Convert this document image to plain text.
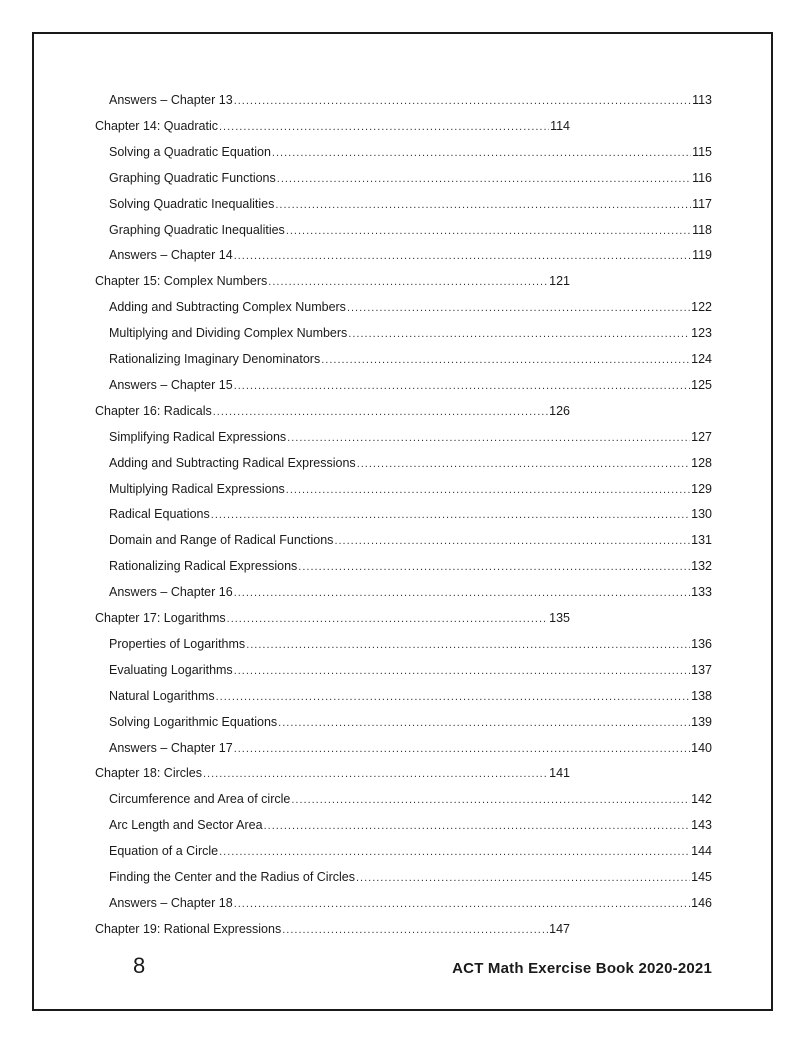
Answers – Chapter 13 .....	113
Chapter 14: Quadratic .....	114
Solving a Quadratic Equation .....	115
Graphing Quadratic Functions .....	116
Solving Quadratic Inequalities .....	117
Graphing Quadratic Inequalities .....	118
Answers – Chapter 14 .....	119
Chapter 15: Complex Numbers .....	121
Adding and Subtracting Complex Numbers .....	122
Multiplying and Dividing Complex Numbers .....	123
Rationalizing Imaginary Denominators .....	124
Answers – Chapter 15 .....	125
Chapter 16: Radicals .....	126
Simplifying Radical Expressions .....	127
Adding and Subtracting Radical Expressions .....	128
Multiplying Radical Expressions .....	129
Radical Equations .....	130
Domain and Range of Radical Functions .....	131
Rationalizing Radical Expressions .....	132
Answers – Chapter 16 .....	133
Chapter 17: Logarithms .....	135
Properties of Logarithms .....	136
Evaluating Logarithms .....	137
Natural Logarithms .....	138
Solving Logarithmic Equations .....	139
Answers – Chapter 17 .....	140
Chapter 18: Circles .....	141
Circumference and Area of circle .....	142
Arc Length and Sector Area .....	143
Equation of a Circle .....	144
Finding the Center and the Radius of Circles .....	145
Answers – Chapter 18 .....	146
Chapter 19: Rational Expressions .....	147
8	ACT Math Exercise Book 2020-2021
